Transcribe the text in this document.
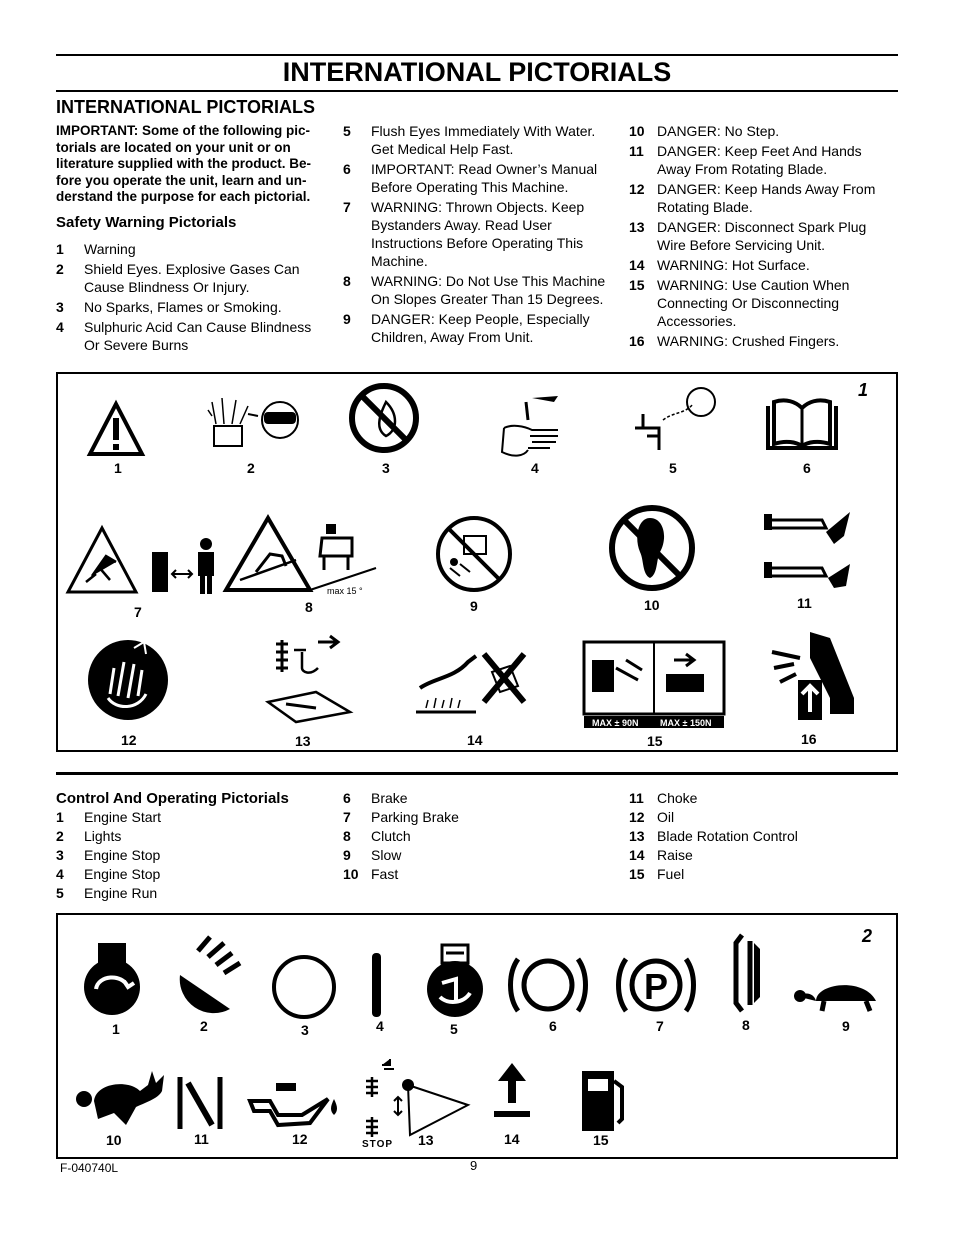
INTERNATIONAL PICTORIALS
INTERNATIONAL PICTORIALS
IMPORTANT: Some of the following pic- torials are located on your unit or on literature supplied with the product. Be- fore you operate the unit, learn and un- derstand the purpose for each pictorial.
Safety Warning Pictorials
1	Warning
2	Shield Eyes. Explosive Gases Can Cause Blindness Or Injury.
3	No Sparks, Flames or Smoking.
4	Sulphuric Acid Can Cause Blindness Or Severe Burns
5	Flush Eyes Immediately With Water. Get Medical Help Fast.
6	IMPORTANT: Read Owner’s Manual Before Operating This Machine.
7	WARNING: Thrown Objects. Keep Bystanders Away. Read User Instructions Before Operating This Machine.
8	WARNING: Do Not Use This Machine On Slopes Greater Than 15 Degrees.
9	DANGER: Keep People, Especially Children, Away From Unit.
10 DANGER: No Step.
11 DANGER: Keep Feet And Hands Away From Rotating Blade.
12 DANGER: Keep Hands Away From Rotating Blade.
13 DANGER: Disconnect Spark Plug Wire Before Servicing Unit.
14 WARNING: Hot Surface.
15 WARNING: Use Caution When Connecting Or Disconnecting Accessories.
16 WARNING: Crushed Fingers.
1
max 15 °
MAX ± 90N MAX ± 150N
1	2	3	4	5	6
7	8	9	10	11
12	13	14	15	16
Control And Operating Pictorials
1	Engine Start
2	Lights
3	Engine Stop
4	Engine Stop
5	Engine Run
6	Brake
7	Parking Brake
8	Clutch
9	Slow
10 Fast
11 Choke
12 Oil
13 Blade Rotation Control
14 Raise
15 Fuel
2
P
STOP
1	2	3	4	5	6	7	8	9
10	11	12	13	14	15
F-040740L	9
